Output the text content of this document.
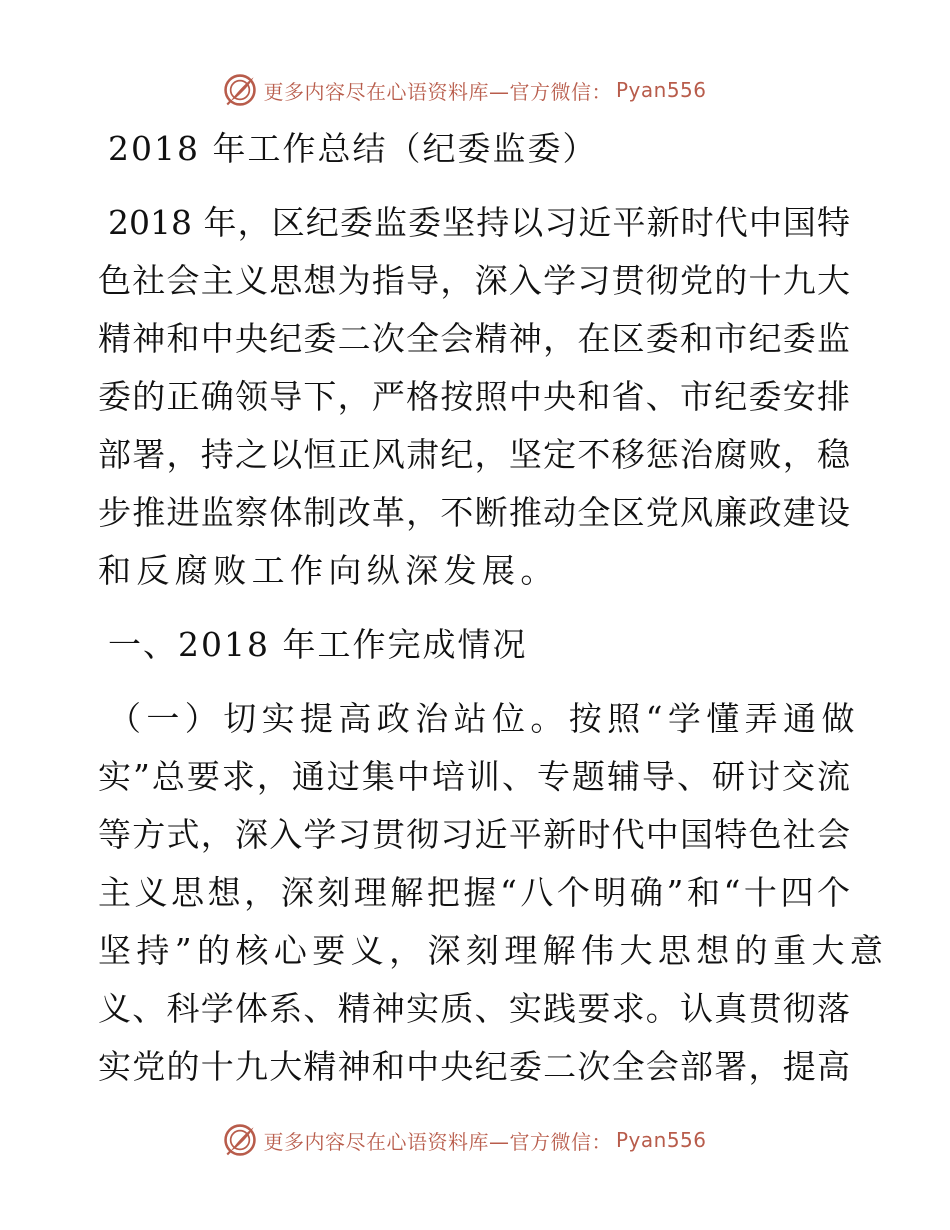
更多内容尽在心语资料库—官方微信： Pyan556
2018 年工作总结（纪委监委）
2018 年，区纪委监委坚持以习近平新时代中国特
色社会主义思想为指导，深入学习贯彻党的十九大
精神和中央纪委二次全会精神，在区委和市纪委监
委的正确领导下，严格按照中央和省、市纪委安排
部署，持之以恒正风肃纪，坚定不移惩治腐败，稳
步推进监察体制改革，不断推动全区党风廉政建设
和反腐败工作向纵深发展。
一、2018 年工作完成情况
（一）切实提高政治站位。按照“学懂弄通做
实”总要求，通过集中培训、专题辅导、研讨交流
等方式，深入学习贯彻习近平新时代中国特色社会
主义思想，深刻理解把握“八个明确”和“十四个
坚持”的核心要义，深刻理解伟大思想的重大意
义、科学体系、精神实质、实践要求。认真贯彻落
实党的十九大精神和中央纪委二次全会部署，提高
更多内容尽在心语资料库—官方微信： Pyan556
